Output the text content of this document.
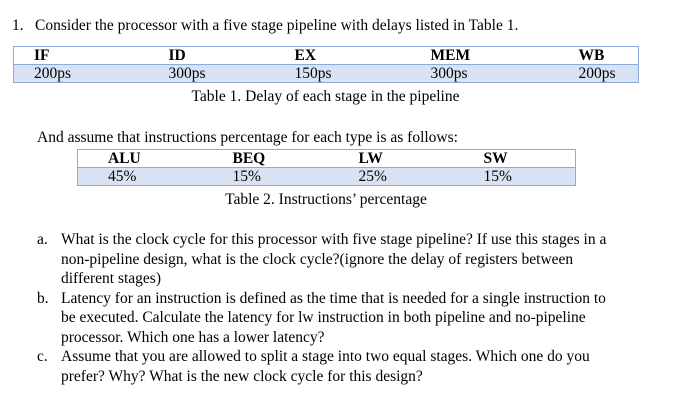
1. Consider the processor with a five stage pipeline with delays listed in Table 1.
IF	ID	EX	MEM	WB
200ps	300ps	150ps	300ps	200ps
Table 1. Delay of each stage in the pipeline
And assume that instructions percentage for each type is as follows:
ALU	BEQ	LW	SW
45%	15%	25%	15%
Table 2. Instructions’ percentage
a. What is the clock cycle for this processor with five stage pipeline? If use this stages in a
non-pipeline design, what is the clock cycle?(ignore the delay of registers between
different stages)
b. Latency for an instruction is defined as the time that is needed for a single instruction to
be executed. Calculate the latency for lw instruction in both pipeline and no-pipeline
processor. Which one has a lower latency?
c. Assume that you are allowed to split a stage into two equal stages. Which one do you
prefer? Why? What is the new clock cycle for this design?
